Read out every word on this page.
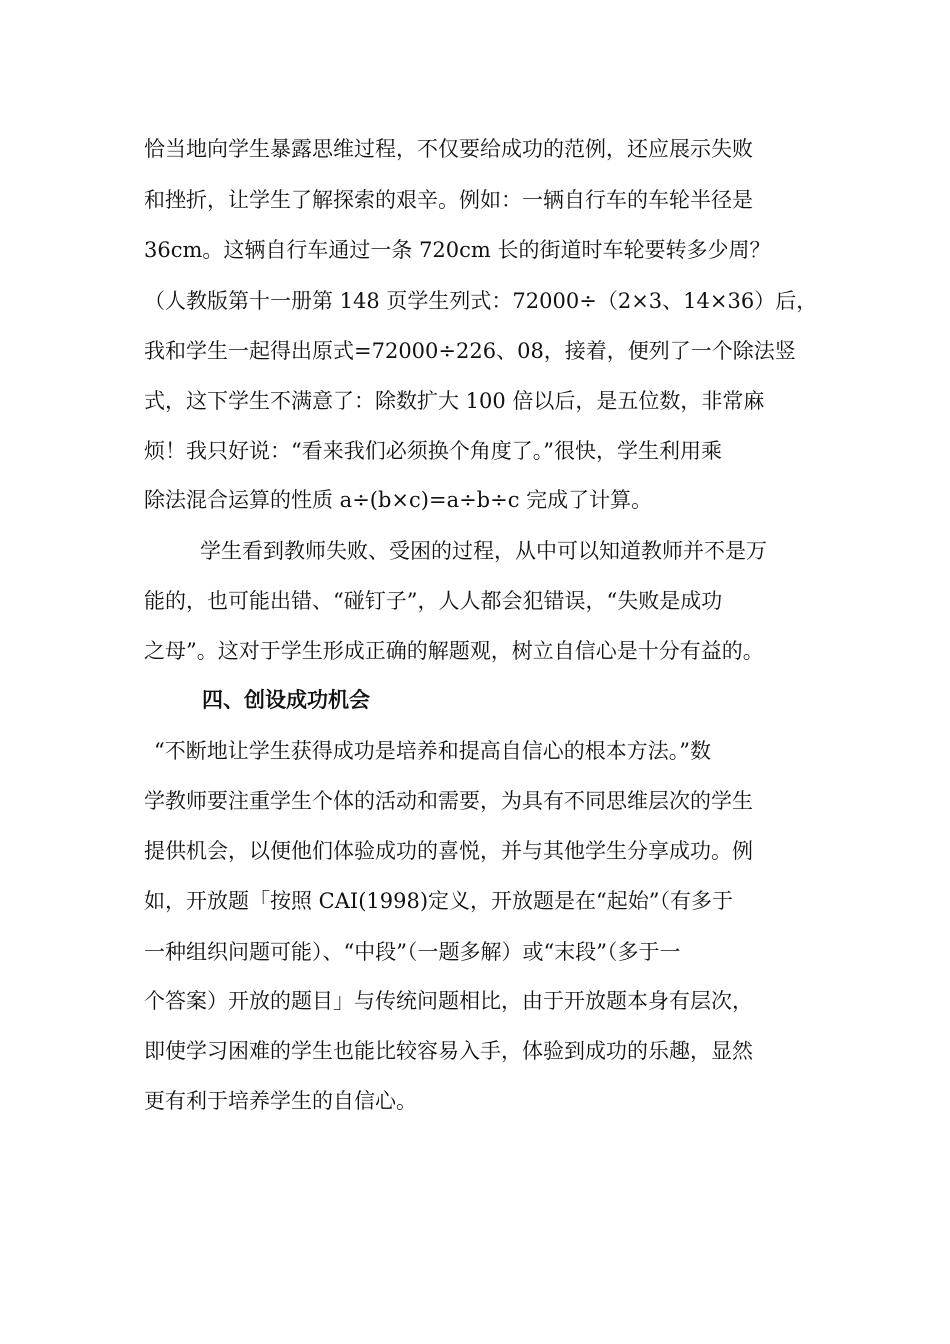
恰当地向学生暴露思维过程，不仅要给成功的范例，还应展示失败
和挫折，让学生了解探索的艰辛。例如：一辆自行车的车轮半径是
36cm。这辆自行车通过一条 720cm 长的街道时车轮要转多少周？
（人教版第十一册第 148 页学生列式：72000÷（2×3、14×36）后，
我和学生一起得出原式=72000÷226、08，接着，便列了一个除法竖
式，这下学生不满意了：除数扩大 100 倍以后，是五位数，非常麻
烦！我只好说：“看来我们必须换个角度了。”很快，学生利用乘
除法混合运算的性质 a÷(b×c)=a÷b÷c 完成了计算。
学生看到教师失败、受困的过程，从中可以知道教师并不是万
能的，也可能出错、“碰钉子”，人人都会犯错误，“失败是成功
之母”。这对于学生形成正确的解题观，树立自信心是十分有益的。
四、创设成功机会
“不断地让学生获得成功是培养和提高自信心的根本方法。”数
学教师要注重学生个体的活动和需要，为具有不同思维层次的学生
提供机会，以便他们体验成功的喜悦，并与其他学生分享成功。例
如，开放题「按照 CAI(1998)定义，开放题是在“起始”（有多于
一种组织问题可能）、“中段”（一题多解）或“末段”（多于一
个答案）开放的题目」与传统问题相比，由于开放题本身有层次，
即使学习困难的学生也能比较容易入手，体验到成功的乐趣，显然
更有利于培养学生的自信心。
